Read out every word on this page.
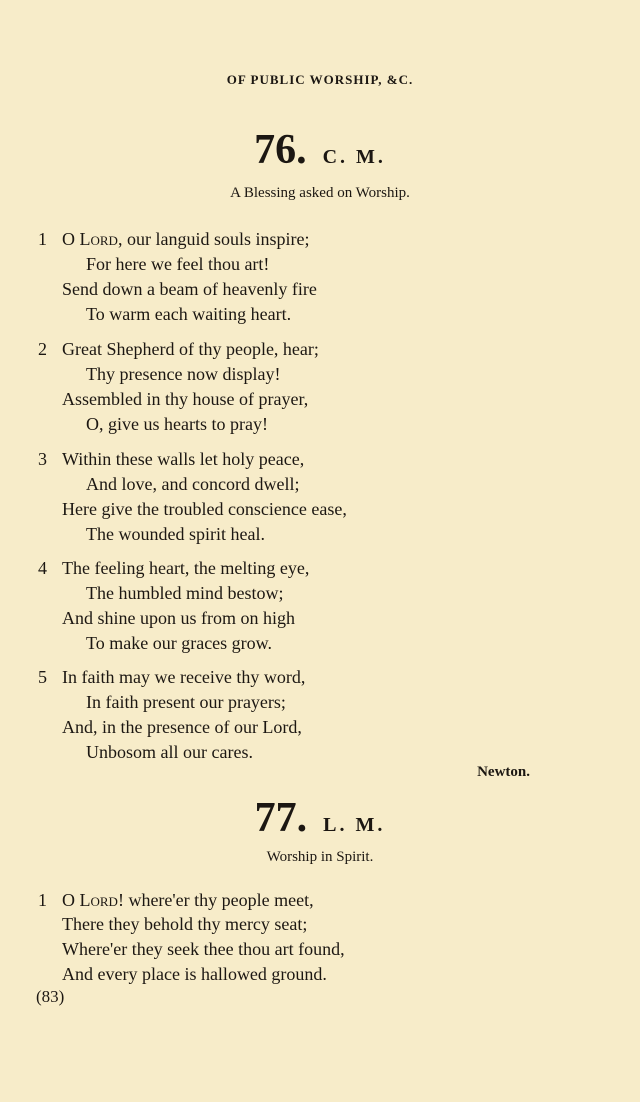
OF PUBLIC WORSHIP, &C.
76. C. M.
A Blessing asked on Worship.
1 O Lord, our languid souls inspire;
For here we feel thou art!
Send down a beam of heavenly fire
To warm each waiting heart.
2 Great Shepherd of thy people, hear;
Thy presence now display!
Assembled in thy house of prayer,
O, give us hearts to pray!
3 Within these walls let holy peace,
And love, and concord dwell;
Here give the troubled conscience ease,
The wounded spirit heal.
4 The feeling heart, the melting eye,
The humbled mind bestow;
And shine upon us from on high
To make our graces grow.
5 In faith may we receive thy word,
In faith present our prayers;
And, in the presence of our Lord,
Unbosom all our cares.
Newton.
77. L. M.
Worship in Spirit.
1 O Lord! where'er thy people meet,
There they behold thy mercy seat;
Where'er they seek thee thou art found,
And every place is hallowed ground.
(83)
